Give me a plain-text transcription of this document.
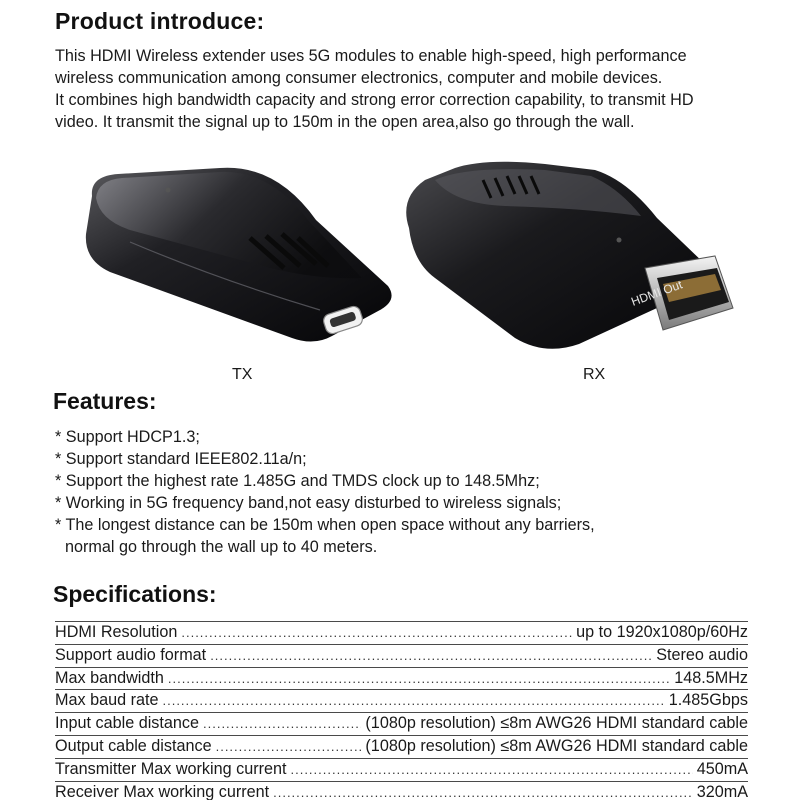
Product introduce:
This HDMI Wireless extender uses 5G modules to enable high-speed, high performance
wireless communication among consumer electronics, computer and mobile devices.
It combines high bandwidth capacity and strong error correction capability, to transmit HD
video. It transmit the signal up to 150m in the open area,also go through the wall.
TX
HDMI Out
RX
Features:
* Support HDCP1.3;
* Support standard IEEE802.11a/n;
* Support the highest rate 1.485G and TMDS clock up to 148.5Mhz;
* Working in 5G frequency band,not easy disturbed to wireless signals;
* The longest distance can be 150m when open space without any barriers,
normal go through the wall up to 40 meters.
Specifications:
HDMI Resolution .....	up to 1920x1080p/60Hz
Support audio format .....	Stereo audio
Max bandwidth .....	148.5MHz
Max baud rate .....	1.485Gbps
Input cable distance .....	(1080p resolution) ≤8m AWG26 HDMI standard cable
Output cable distance .....	(1080p resolution) ≤8m AWG26 HDMI standard cable
Transmitter Max working current .....	450mA
Receiver Max working current .....	320mA
